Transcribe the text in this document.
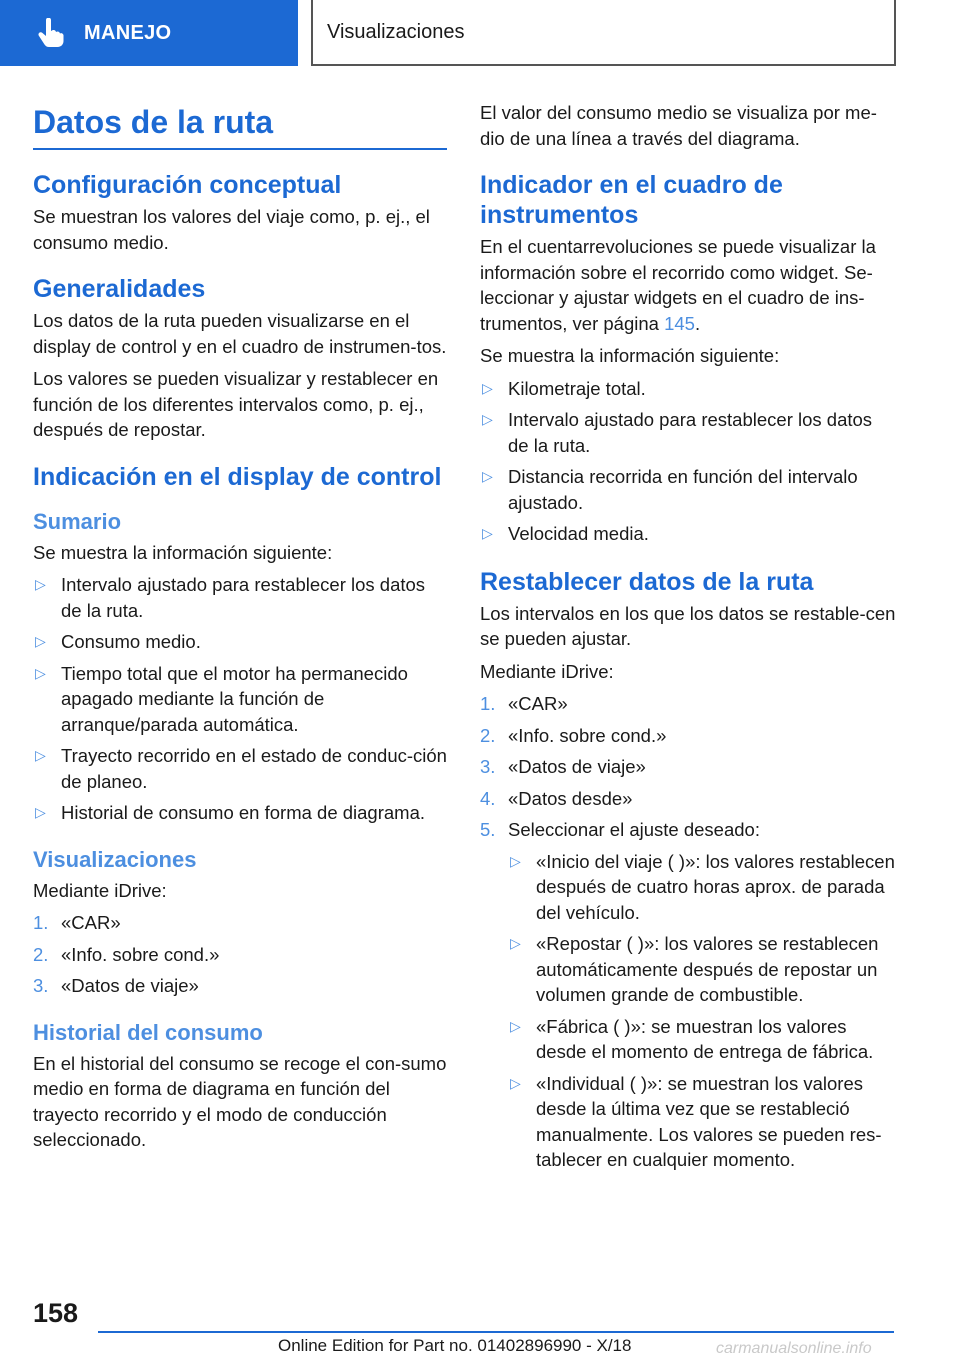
MANEJO	Visualizaciones
Datos de la ruta
Configuración conceptual

Se muestran los valores del viaje como, p. ej., el consumo medio.

Generalidades

Los datos de la ruta pueden visualizarse en el display de control y en el cuadro de instrumen-tos.

Los valores se pueden visualizar y restablecer en función de los diferentes intervalos como, p. ej., después de repostar.

Indicación en el display de control
Sumario

Se muestra la información siguiente:

▷ Intervalo ajustado para restablecer los datos de la ruta.
▷ Consumo medio.
▷ Tiempo total que el motor ha permanecido apagado mediante la función de arranque/parada automática.
▷ Trayecto recorrido en el estado de conduc-ción de planeo.
▷ Historial de consumo en forma de diagrama.
Visualizaciones

Mediante iDrive:

1. «CAR»
2. «Info. sobre cond.»
3. «Datos de viaje»
Historial del consumo

En el historial del consumo se recoge el con-sumo medio en forma de diagrama en función del trayecto recorrido y el modo de conducción seleccionado.

El valor del consumo medio se visualiza por me-dio de una línea a través del diagrama.

Indicador en el cuadro de instrumentos

En el cuentarrevoluciones se puede visualizar la información sobre el recorrido como widget. Se-leccionar y ajustar widgets en el cuadro de ins-trumentos, ver página 145.

Se muestra la información siguiente:

▷ Kilometraje total.
▷ Intervalo ajustado para restablecer los datos de la ruta.
▷ Distancia recorrida en función del intervalo ajustado.
▷ Velocidad media.
Restablecer datos de la ruta

Los intervalos en los que los datos se restable-cen se pueden ajustar.

Mediante iDrive:

1. «CAR»
2. «Info. sobre cond.»
3. «Datos de viaje»
4. «Datos desde»
5. Seleccionar el ajuste deseado:
▷ «Inicio del viaje ( )»: los valores restablecen después de cuatro horas aprox. de parada del vehículo.
▷ «Repostar ( )»: los valores se restablecen automáticamente después de repostar un volumen grande de combustible.
▷ «Fábrica ( )»: se muestran los valores desde el momento de entrega de fábrica.
▷ «Individual ( )»: se muestran los valores desde la última vez que se restableció manualmente. Los valores se pueden res-tablecer en cualquier momento.
158
Online Edition for Part no. 01402896990 - X/18	carmanualsonline.info
